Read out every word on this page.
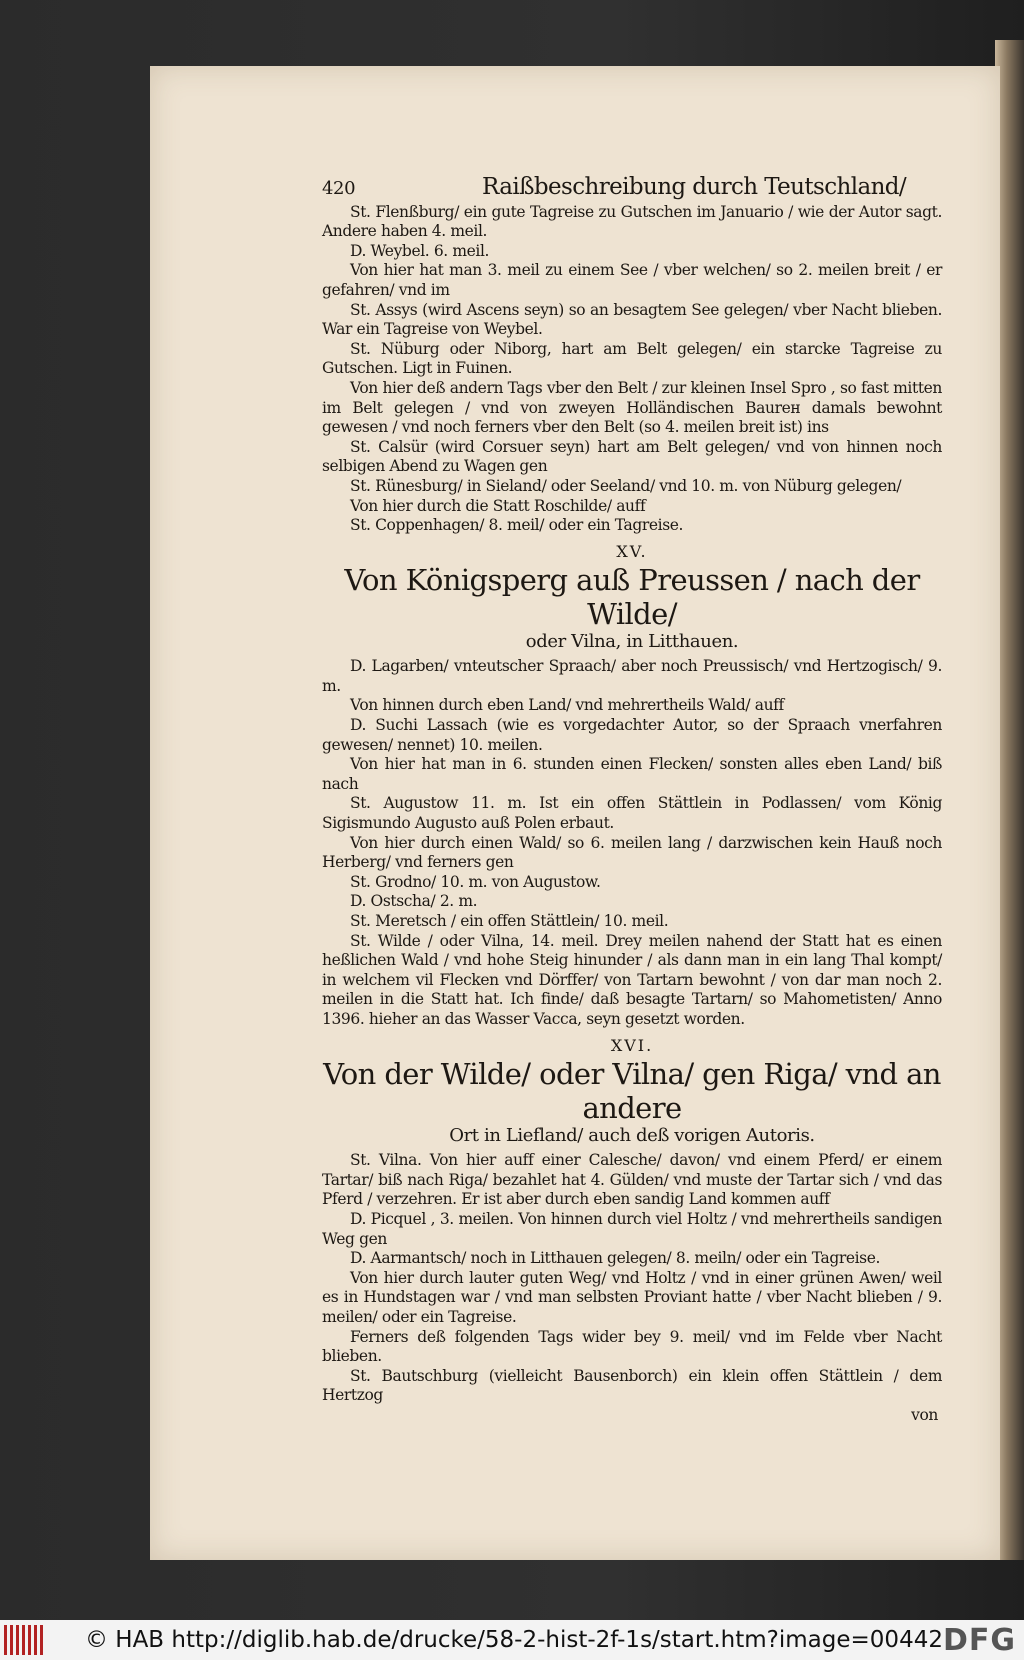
420	Raißbeschreibung durch Teutschland/

St. Flenßburg/ ein gute Tagreise zu Gutschen im Januario / wie der Autor sagt. Andere haben 4. meil.

D. Weybel. 6. meil.

Von hier hat man 3. meil zu einem See / vber welchen/ so 2. meilen breit / er gefahren/ vnd im

St. Assys (wird Ascens seyn) so an besagtem See gelegen/ vber Nacht blieben. War ein Tagreise von Weybel.

St. Nüburg oder Niborg, hart am Belt gelegen/ ein starcke Tagreise zu Gutschen. Ligt in Fuinen.

Von hier deß andern Tags vber den Belt / zur kleinen Insel Spro , so fast mitten im Belt gelegen / vnd von zweyen Holländischen Baurен damals bewohnt gewesen / vnd noch ferners vber den Belt (so 4. meilen breit ist) ins

St. Calsür (wird Corsuer seyn) hart am Belt gelegen/ vnd von hinnen noch selbigen Abend zu Wagen gen

St. Rünesburg/ in Sieland/ oder Seeland/ vnd 10. m. von Nüburg gelegen/

Von hier durch die Statt Roschilde/ auff

St. Coppenhagen/ 8. meil/ oder ein Tagreise.

XV.

Von Königsperg auß Preussen / nach der Wilde/

oder Vilna, in Litthauen.

D. Lagarben/ vnteutscher Spraach/ aber noch Preussisch/ vnd Hertzogisch/ 9. m.

Von hinnen durch eben Land/ vnd mehrertheils Wald/ auff

D. Suchi Lassach (wie es vorgedachter Autor, so der Spraach vnerfahren gewesen/ nennet) 10. meilen.

Von hier hat man in 6. stunden einen Flecken/ sonsten alles eben Land/ biß nach

St. Augustow 11. m. Ist ein offen Stättlein in Podlassen/ vom König Sigismundo Augusto auß Polen erbaut.

Von hier durch einen Wald/ so 6. meilen lang / darzwischen kein Hauß noch Herberg/ vnd ferners gen

St. Grodno/ 10. m. von Augustow.

D. Ostscha/ 2. m.

St. Meretsch / ein offen Stättlein/ 10. meil.

St. Wilde / oder Vilna, 14. meil. Drey meilen nahend der Statt hat es einen heßlichen Wald / vnd hohe Steig hinunder / als dann man in ein lang Thal kompt/ in welchem vil Flecken vnd Dörffer/ von Tartarn bewohnt / von dar man noch 2. meilen in die Statt hat. Ich finde/ daß besagte Tartarn/ so Mahometisten/ Anno 1396. hieher an das Wasser Vacca, seyn gesetzt worden.

XVI.

Von der Wilde/ oder Vilna/ gen Riga/ vnd an andere

Ort in Liefland/ auch deß vorigen Autoris.

St. Vilna. Von hier auff einer Calesche/ davon/ vnd einem Pferd/ er einem Tartar/ biß nach Riga/ bezahlet hat 4. Gülden/ vnd muste der Tartar sich / vnd das Pferd / verzehren. Er ist aber durch eben sandig Land kommen auff

D. Picquel , 3. meilen. Von hinnen durch viel Holtz / vnd mehrertheils sandigen Weg gen

D. Aarmantsch/ noch in Litthauen gelegen/ 8. meiln/ oder ein Tagreise.

Von hier durch lauter guten Weg/ vnd Holtz / vnd in einer grünen Awen/ weil es in Hundstagen war / vnd man selbsten Proviant hatte / vber Nacht blieben / 9. meilen/ oder ein Tagreise.

Ferners deß folgenden Tags wider bey 9. meil/ vnd im Felde vber Nacht blieben.

St. Bautschburg (vielleicht Bausenborch) ein klein offen Stättlein / dem Hertzog

von

© HAB http://diglib.hab.de/drucke/58-2-hist-2f-1s/start.htm?image=00442 DFG
